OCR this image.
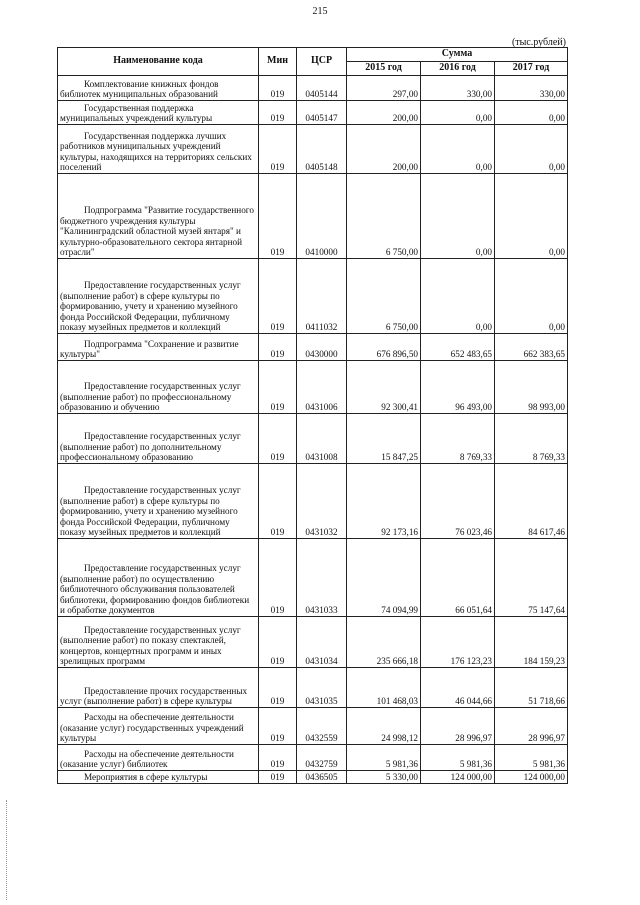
215
(тыс.рублей)
Наименование кода	Мин	ЦСР	Сумма		
			2015 год	2016 год	2017 год
Комплектование книжных фондов библиотек муниципальных образований	019	0405144	297,00	330,00	330,00
Государственная поддержка муниципальных учреждений культуры	019	0405147	200,00	0,00	0,00
Государственная поддержка лучших работников муниципальных учреждений культуры, находящихся на территориях сельских поселений	019	0405148	200,00	0,00	0,00
Подпрограмма "Развитие государственного бюджетного учреждения культуры "Калининградский областной музей янтаря" и культурно-образовательного сектора янтарной отрасли"	019	0410000	6 750,00	0,00	0,00
Предоставление государственных услуг (выполнение работ) в сфере культуры по формированию, учету и хранению музейного фонда Российской Федерации, публичному показу музейных предметов и коллекций	019	0411032	6 750,00	0,00	0,00
Подпрограмма "Сохранение и развитие культуры"	019	0430000	676 896,50	652 483,65	662 383,65
Предоставление государственных услуг (выполнение работ) по профессиональному образованию и обучению	019	0431006	92 300,41	96 493,00	98 993,00
Предоставление государственных услуг (выполнение работ) по дополнительному профессиональному образованию	019	0431008	15 847,25	8 769,33	8 769,33
Предоставление государственных услуг (выполнение работ) в сфере культуры по формированию, учету и хранению музейного фонда Российской Федерации, публичному показу музейных предметов и коллекций	019	0431032	92 173,16	76 023,46	84 617,46
Предоставление государственных услуг (выполнение работ) по осуществлению библиотечного обслуживания пользователей библиотеки, формированию фондов библиотеки и обработке документов	019	0431033	74 094,99	66 051,64	75 147,64
Предоставление государственных услуг (выполнение работ) по показу спектаклей, концертов, концертных программ и иных зрелищных программ	019	0431034	235 666,18	176 123,23	184 159,23
Предоставление прочих государственных услуг (выполнение работ) в сфере культуры	019	0431035	101 468,03	46 044,66	51 718,66
Расходы на обеспечение деятельности (оказание услуг) государственных учреждений культуры	019	0432559	24 998,12	28 996,97	28 996,97
Расходы на обеспечение деятельности (оказание услуг) библиотек	019	0432759	5 981,36	5 981,36	5 981,36
Мероприятия в сфере культуры	019	0436505	5 330,00	124 000,00	124 000,00
